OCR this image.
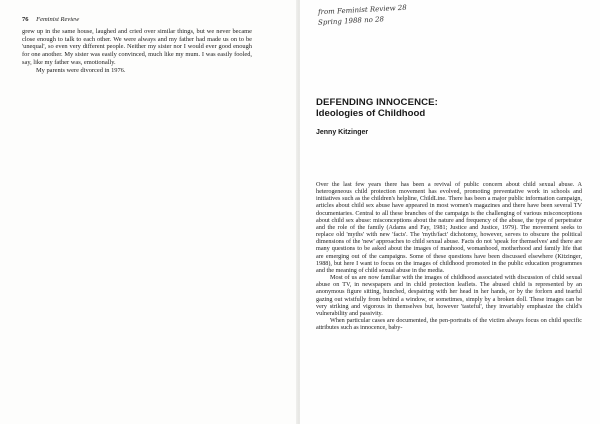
76 Feminist Review

grew up in the same house, laughed and cried over similar things, but we never became close enough to talk to each other. We were always and my father had made us on to be 'unequal', so even very different people. Neither my sister nor I would ever good enough for one another. My sister was easily convinced, much like my mum. I was easily fooled, say, like my father was, emotionally.

My parents were divorced in 1976.

from Feminist Review 28
Spring 1988 no 28
DEFENDING INNOCENCE:
Ideologies of Childhood
Jenny Kitzinger

Over the last few years there has been a revival of public concern about child sexual abuse. A heterogeneous child protection movement has evolved, promoting preventative work in schools and initiatives such as the children's helpline, ChildLine. There has been a major public information campaign, articles about child sex abuse have appeared in most women's magazines and there have been several TV documentaries. Central to all these branches of the campaign is the challenging of various misconceptions about child sex abuse: misconceptions about the nature and frequency of the abuse, the type of perpetrator and the role of the family (Adams and Fay, 1981; Justice and Justice, 1979). The movement seeks to replace old 'myths' with new 'facts'. The 'myth/fact' dichotomy, however, serves to obscure the political dimensions of the 'new' approaches to child sexual abuse. Facts do not 'speak for themselves' and there are many questions to be asked about the images of manhood, womanhood, motherhood and family life that are emerging out of the campaigns. Some of these questions have been discussed elsewhere (Kitzinger, 1988), but here I want to focus on the images of childhood promoted in the public education programmes and the meaning of child sexual abuse in the media.

Most of us are now familiar with the images of childhood associated with discussion of child sexual abuse on TV, in newspapers and in child protection leaflets. The abused child is represented by an anonymous figure sitting, hunched, despairing with her head in her hands, or by the forlorn and tearful gazing out wistfully from behind a window, or sometimes, simply by a broken doll. These images can be very striking and vigorous in themselves but, however 'tasteful', they invariably emphasize the child's vulnerability and passivity.

When particular cases are documented, the pen-portraits of the victim always focus on child specific attributes such as innocence, baby-
